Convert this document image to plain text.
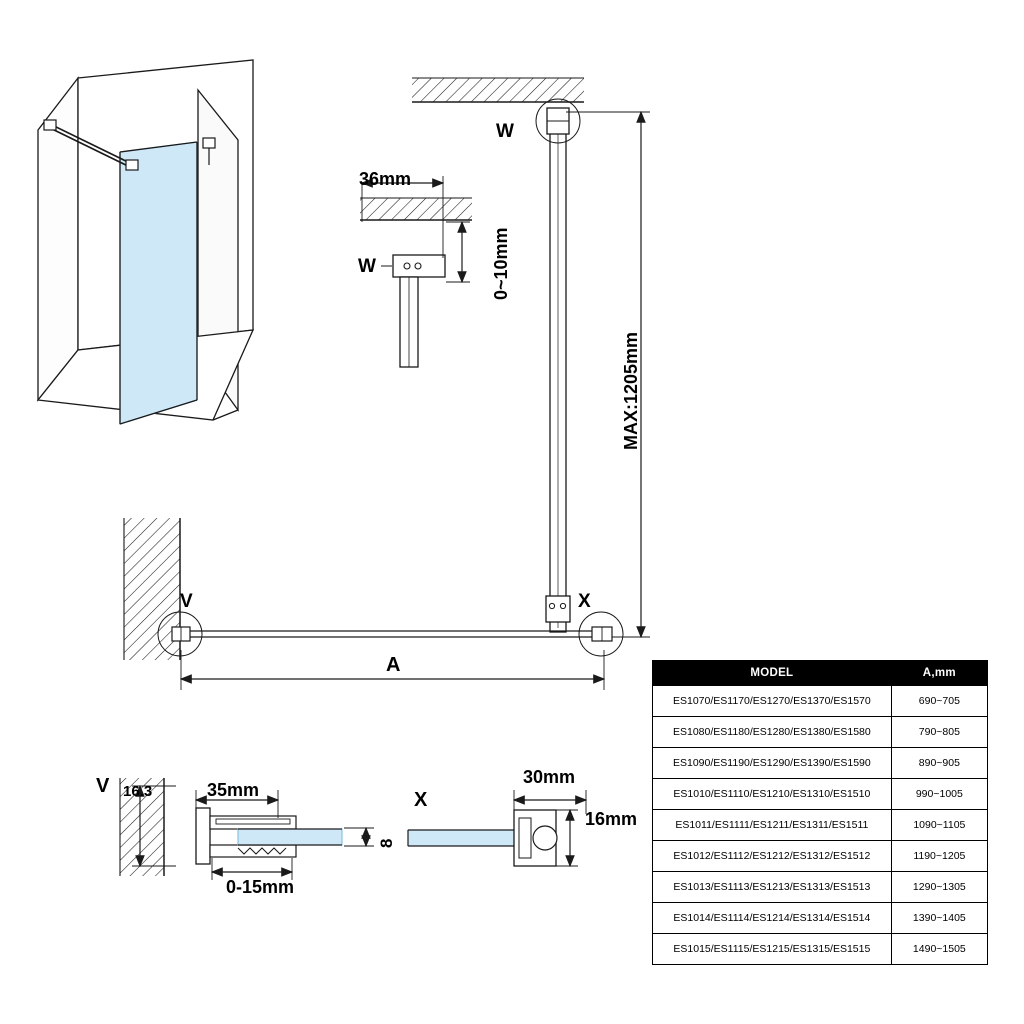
W
36mm
W	0~10mm
MAX:1205mm
V	X
A
V 16.3	35mm
8
0-15mm
X
30mm
16mm
MODEL	A,mm
ES1070/ES1170/ES1270/ES1370/ES1570	690~705
ES1080/ES1180/ES1280/ES1380/ES1580	790~805
ES1090/ES1190/ES1290/ES1390/ES1590	890~905
ES1010/ES1110/ES1210/ES1310/ES1510	990~1005
ES1011/ES1111/ES1211/ES1311/ES1511	1090~1105
ES1012/ES1112/ES1212/ES1312/ES1512	1190~1205
ES1013/ES1113/ES1213/ES1313/ES1513	1290~1305
ES1014/ES1114/ES1214/ES1314/ES1514	1390~1405
ES1015/ES1115/ES1215/ES1315/ES1515	1490~1505
